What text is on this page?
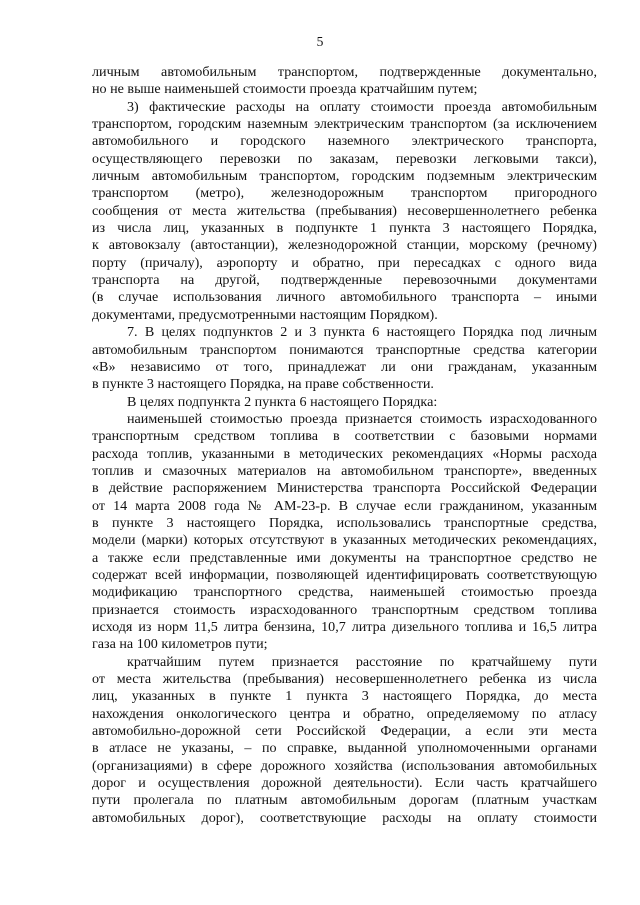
5
личным автомобильным транспортом, подтвержденные документально,
но не выше наименьшей стоимости проезда кратчайшим путем;
3) фактические расходы на оплату стоимости проезда автомобильным
транспортом, городским наземным электрическим транспортом (за исключением
автомобильного и городского наземного электрического транспорта,
осуществляющего перевозки по заказам, перевозки легковыми такси),
личным автомобильным транспортом, городским подземным электрическим
транспортом (метро), железнодорожным транспортом пригородного
сообщения от места жительства (пребывания) несовершеннолетнего ребенка
из числа лиц, указанных в подпункте 1 пункта 3 настоящего Порядка,
к автовокзалу (автостанции), железнодорожной станции, морскому (речному)
порту (причалу), аэропорту и обратно, при пересадках с одного вида
транспорта на другой, подтвержденные перевозочными документами
(в случае использования личного автомобильного транспорта – иными
документами, предусмотренными настоящим Порядком).
7. В целях подпунктов 2 и 3 пункта 6 настоящего Порядка под личным
автомобильным транспортом понимаются транспортные средства категории
«В» независимо от того, принадлежат ли они гражданам, указанным
в пункте 3 настоящего Порядка, на праве собственности.
В целях подпункта 2 пункта 6 настоящего Порядка:
наименьшей стоимостью проезда признается стоимость израсходованного
транспортным средством топлива в соответствии с базовыми нормами
расхода топлив, указанными в методических рекомендациях «Нормы расхода
топлив и смазочных материалов на автомобильном транспорте», введенных
в действие распоряжением Министерства транспорта Российской Федерации
от 14 марта 2008 года № АМ-23-р. В случае если гражданином, указанным
в пункте 3 настоящего Порядка, использовались транспортные средства,
модели (марки) которых отсутствуют в указанных методических рекомендациях,
а также если представленные ими документы на транспортное средство не
содержат всей информации, позволяющей идентифицировать соответствующую
модификацию транспортного средства, наименьшей стоимостью проезда
признается стоимость израсходованного транспортным средством топлива
исходя из норм 11,5 литра бензина, 10,7 литра дизельного топлива и 16,5 литра
газа на 100 километров пути;
кратчайшим путем признается расстояние по кратчайшему пути
от места жительства (пребывания) несовершеннолетнего ребенка из числа
лиц, указанных в пункте 1 пункта 3 настоящего Порядка, до места
нахождения онкологического центра и обратно, определяемому по атласу
автомобильно-дорожной сети Российской Федерации, а если эти места
в атласе не указаны, – по справке, выданной уполномоченными органами
(организациями) в сфере дорожного хозяйства (использования автомобильных
дорог и осуществления дорожной деятельности). Если часть кратчайшего
пути пролегала по платным автомобильным дорогам (платным участкам
автомобильных дорог), соответствующие расходы на оплату стоимости
